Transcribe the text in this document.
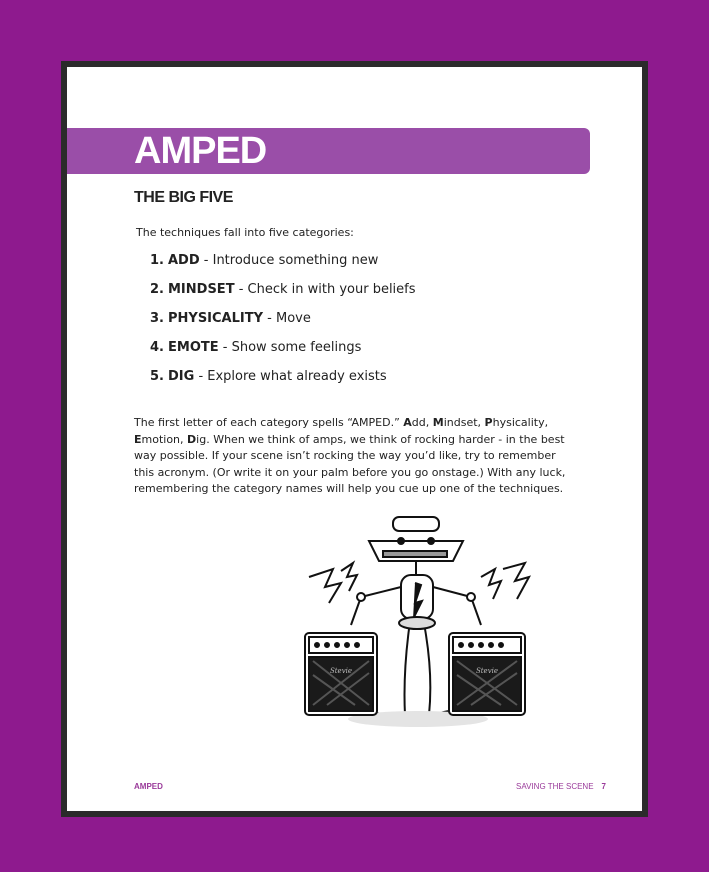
AMPED
THE BIG FIVE
The techniques fall into five categories:
1. ADD - Introduce something new
2. MINDSET - Check in with your beliefs
3. PHYSICALITY - Move
4. EMOTE - Show some feelings
5. DIG - Explore what already exists

The first letter of each category spells “AMPED.” Add, Mindset, Physicality, Emotion, Dig. When we think of amps, we think of rocking harder - in the best way possible. If your scene isn’t rocking the way you’d like, try to remember this acronym. (Or write it on your palm before you go onstage.) With any luck, remembering the category names will help you cue up one of the techniques.

Stevie	Stevie
AMPED	SAVING THE SCENE 7
